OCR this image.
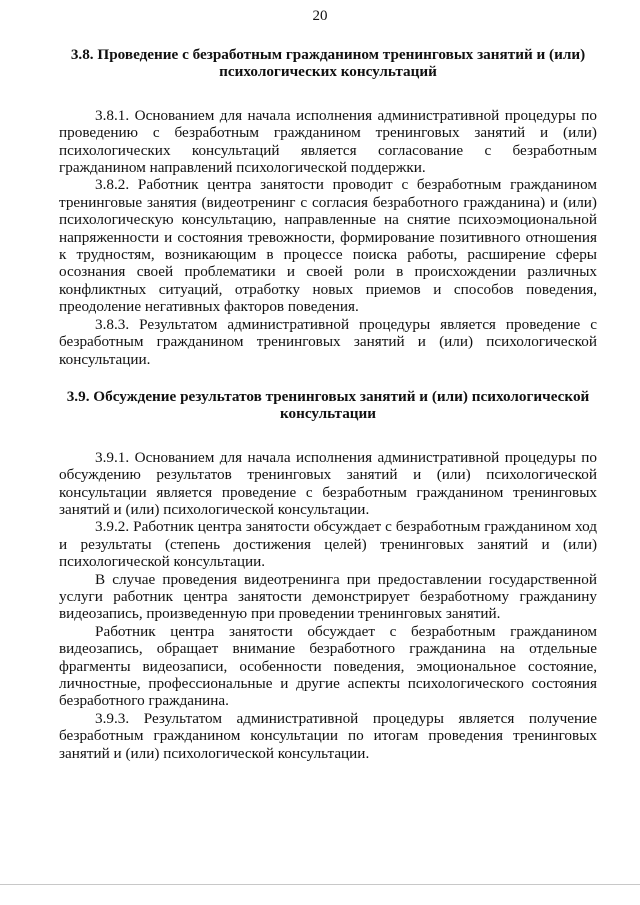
20
3.8. Проведение с безработным гражданином тренинговых занятий и (или) психологических консультаций

3.8.1. Основанием для начала исполнения административной процедуры по проведению с безработным гражданином тренинговых занятий и (или) психологических консультаций является согласование с безработным гражданином направлений психологической поддержки.

3.8.2. Работник центра занятости проводит с безработным гражданином тренинговые занятия (видеотренинг с согласия безработного гражданина) и (или) психологическую консультацию, направленные на снятие психоэмоциональной напряженности и состояния тревожности, формирование позитивного отношения к трудностям, возникающим в процессе поиска работы, расширение сферы осознания своей проблематики и своей роли в происхождении различных конфликтных ситуаций, отработку новых приемов и способов поведения, преодоление негативных факторов поведения.

3.8.3. Результатом административной процедуры является проведение с безработным гражданином тренинговых занятий и (или) психологической консультации.

3.9. Обсуждение результатов тренинговых занятий и (или) психологической консультации

3.9.1. Основанием для начала исполнения административной процедуры по обсуждению результатов тренинговых занятий и (или) психологической консультации является проведение с безработным гражданином тренинговых занятий и (или) психологической консультации.

3.9.2. Работник центра занятости обсуждает с безработным гражданином ход и результаты (степень достижения целей) тренинговых занятий и (или) психологической консультации.

В случае проведения видеотренинга при предоставлении государственной услуги работник центра занятости демонстрирует безработному гражданину видеозапись, произведенную при проведении тренинговых занятий.

Работник центра занятости обсуждает с безработным гражданином видеозапись, обращает внимание безработного гражданина на отдельные фрагменты видеозаписи, особенности поведения, эмоциональное состояние, личностные, профессиональные и другие аспекты психологического состояния безработного гражданина.

3.9.3. Результатом административной процедуры является получение безработным гражданином консультации по итогам проведения тренинговых занятий и (или) психологической консультации.
